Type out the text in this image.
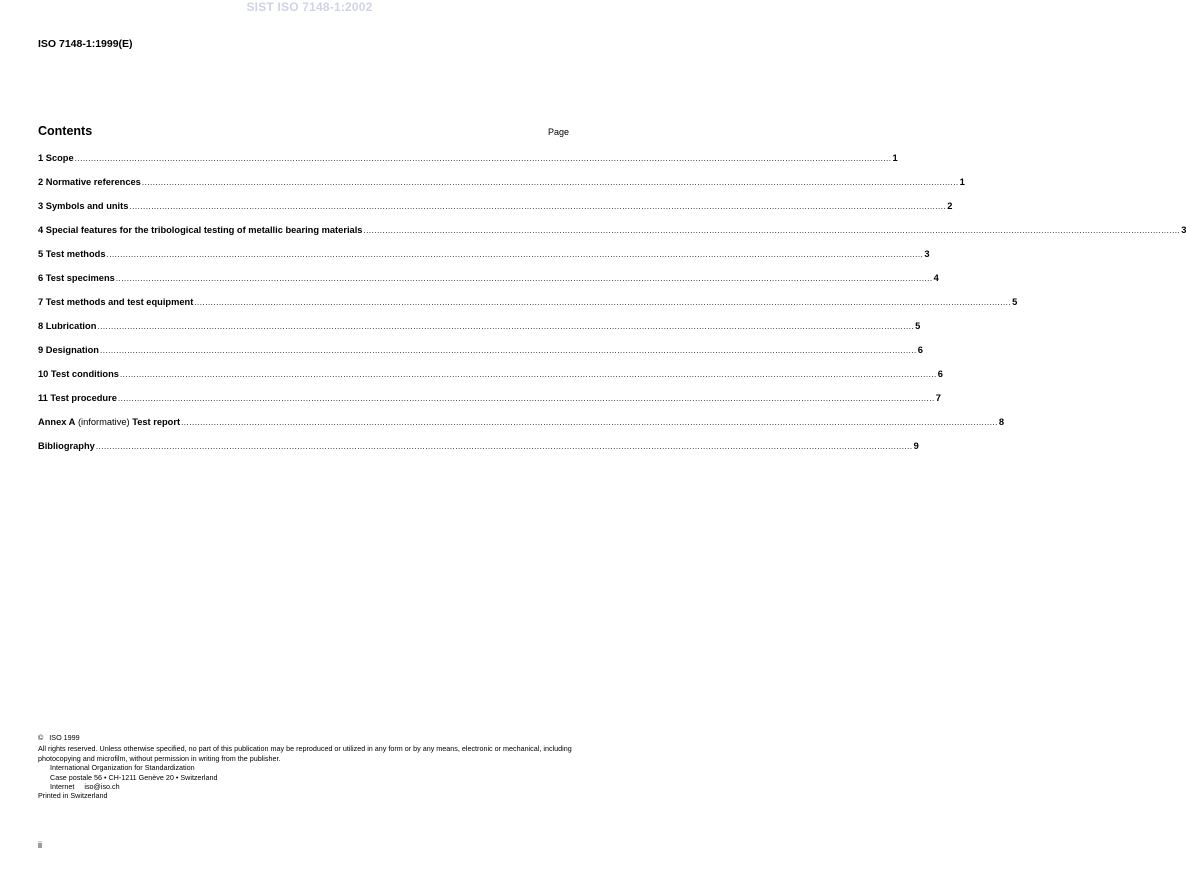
SIST ISO 7148-1:2002
ISO 7148-1:1999(E)
Contents	Page
1 Scope ............................................................................................................................................................................................................................................................................................................ 1
2 Normative references ............................................................................................................................................................................................................................................................................................................ 1
3 Symbols and units ............................................................................................................................................................................................................................................................................................................ 2
4 Special features for the tribological testing of metallic bearing materials ............................................................................................................................................................................................................................................................................................................ 3
5 Test methods ............................................................................................................................................................................................................................................................................................................ 3
6 Test specimens ............................................................................................................................................................................................................................................................................................................ 4
7 Test methods and test equipment ............................................................................................................................................................................................................................................................................................................ 5
8 Lubrication ............................................................................................................................................................................................................................................................................................................ 5
9 Designation ............................................................................................................................................................................................................................................................................................................ 6
10 Test conditions ............................................................................................................................................................................................................................................................................................................ 6
11 Test procedure ............................................................................................................................................................................................................................................................................................................ 7
Annex A (informative) Test report ............................................................................................................................................................................................................................................................................................................ 8
Bibliography ............................................................................................................................................................................................................................................................................................................ 9
©   ISO 1999
All rights reserved. Unless otherwise specified, no part of this publication may be reproduced or utilized in any form or by any means, electronic or mechanical, including photocopying and microfilm, without permission in writing from the publisher.
International Organization for Standardization
Case postale 56 • CH-1211 Genève 20 • Switzerland
Internet     iso@iso.ch
Printed in Switzerland
ii
